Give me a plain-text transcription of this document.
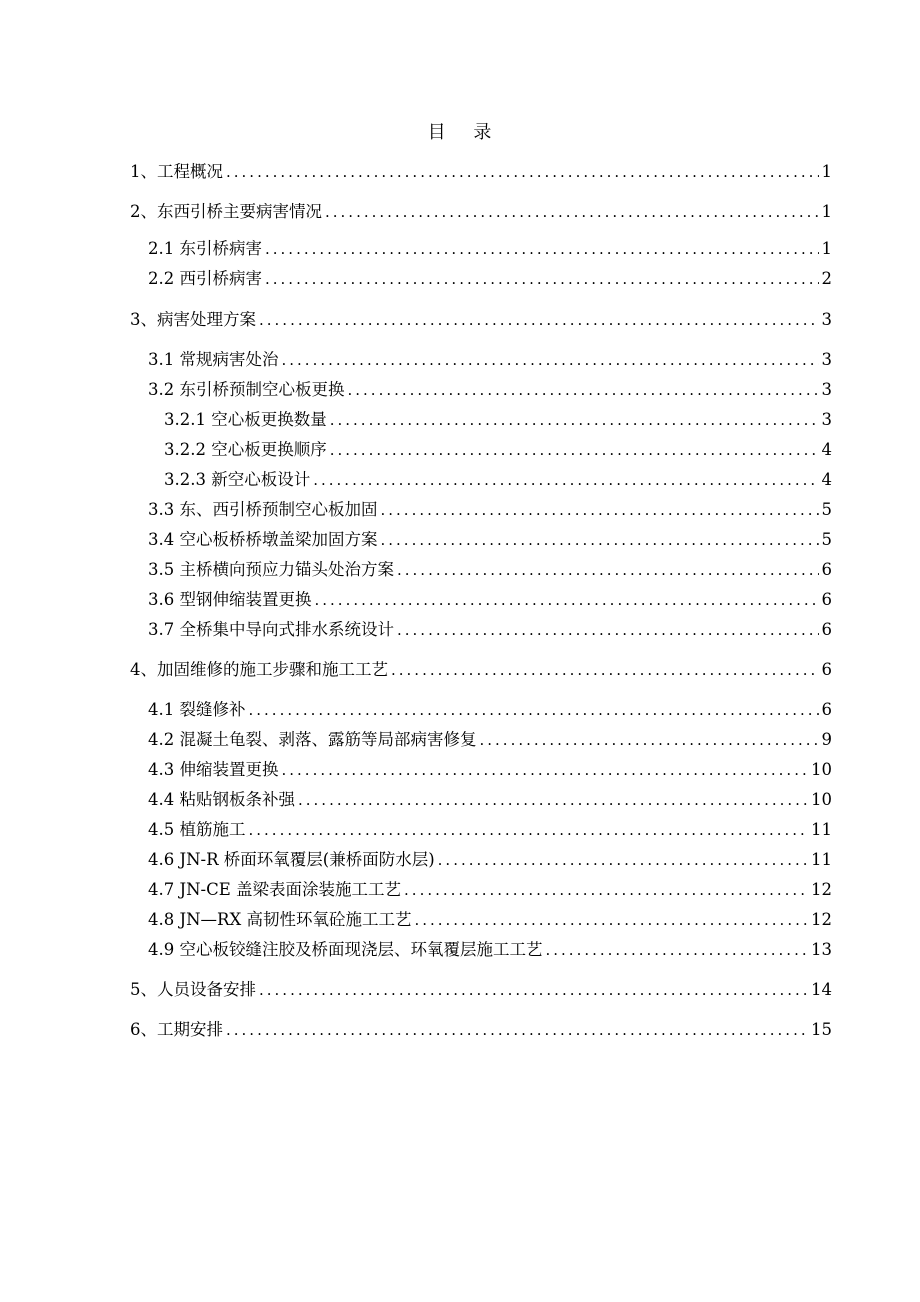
目 录
1、工程概况 .....	1
2、东西引桥主要病害情况 .....	1
2.1 东引桥病害 .....	1
2.2 西引桥病害 .....	2
3、病害处理方案 .....	3
3.1 常规病害处治 .....	3
3.2 东引桥预制空心板更换 .....	3
3.2.1 空心板更换数量 .....	3
3.2.2 空心板更换顺序 .....	4
3.2.3 新空心板设计 .....	4
3.3 东、西引桥预制空心板加固 .....	5
3.4 空心板桥桥墩盖梁加固方案 .....	5
3.5 主桥横向预应力锚头处治方案 .....	6
3.6 型钢伸缩装置更换 .....	6
3.7 全桥集中导向式排水系统设计 .....	6
4、加固维修的施工步骤和施工工艺 .....	6
4.1 裂缝修补 .....	6
4.2 混凝土龟裂、剥落、露筋等局部病害修复 .....	9
4.3 伸缩装置更换 .....	10
4.4 粘贴钢板条补强 .....	10
4.5 植筋施工 .....	11
4.6 JN-R 桥面环氧覆层(兼桥面防水层) .....	11
4.7 JN-CE 盖梁表面涂装施工工艺 .....	12
4.8 JN—RX 高韧性环氧砼施工工艺 .....	12
4.9 空心板铰缝注胶及桥面现浇层、环氧覆层施工工艺 .....	13
5、人员设备安排 .....	14
6、工期安排 .....	15
